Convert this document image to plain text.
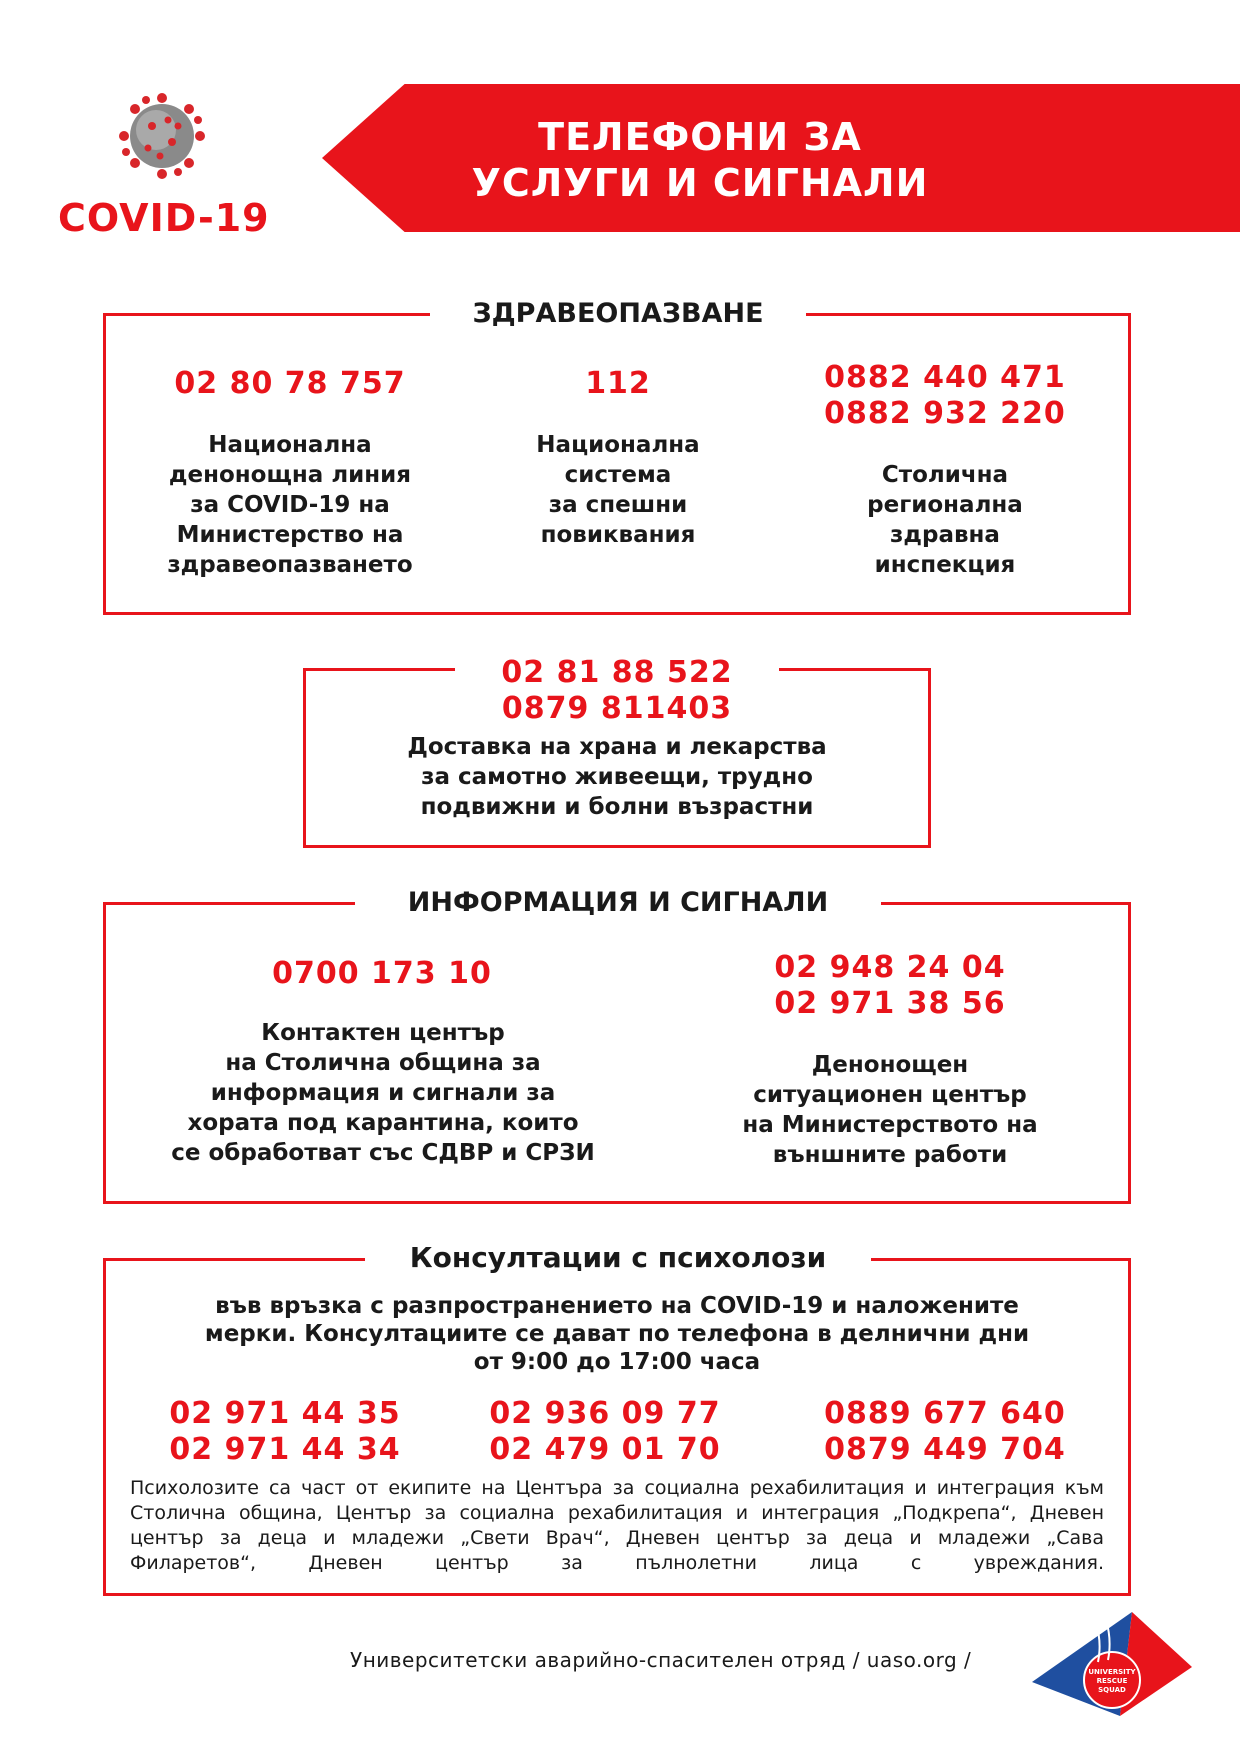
COVID-19
ТЕЛЕФОНИ ЗА
УСЛУГИ И СИГНАЛИ
ЗДРАВЕОПАЗВАНЕ
02 80 78 757
Национална
денонощна линия
за COVID-19 на
Министерство на
здравеопазването
112
Национална
система
за спешни
повиквания
0882 440 471
0882 932 220
Столична
регионална
здравна
инспекция
02 81 88 522
0879 811403
Доставка на храна и лекарства
за самотно живеещи, трудно
подвижни и болни възрастни
ИНФОРМАЦИЯ И СИГНАЛИ
0700 173 10
Контактен център
на Столична община за
информация и сигнали за
хората под карантина, които
се обработват със СДВР и СРЗИ
02 948 24 04
02 971 38 56
Денонощен
ситуационен център
на Министерството на
външните работи
Консултации с психолози
във връзка с разпространението на COVID-19 и наложените
мерки. Консултациите се дават по телефона в делнични дни
от 9:00 до 17:00 часа
02 971 44 35
02 971 44 34
02 936 09 77
02 479 01 70
0889 677 640
0879 449 704
Психолозите са част от екипите на Центъра за социална рехабилитация и интеграция към Столична община, Център за социална рехабилитация и интеграция „Подкрепа“, Дневен център за деца и младежи „Свети Врач“, Дневен център за деца и младежи „Сава Филаретов“, Дневен център за пълнолетни лица с увреждания.
Университетски аварийно-спасителен отряд / uaso.org /	UNIVERSITY
RESCUE
SQUAD
